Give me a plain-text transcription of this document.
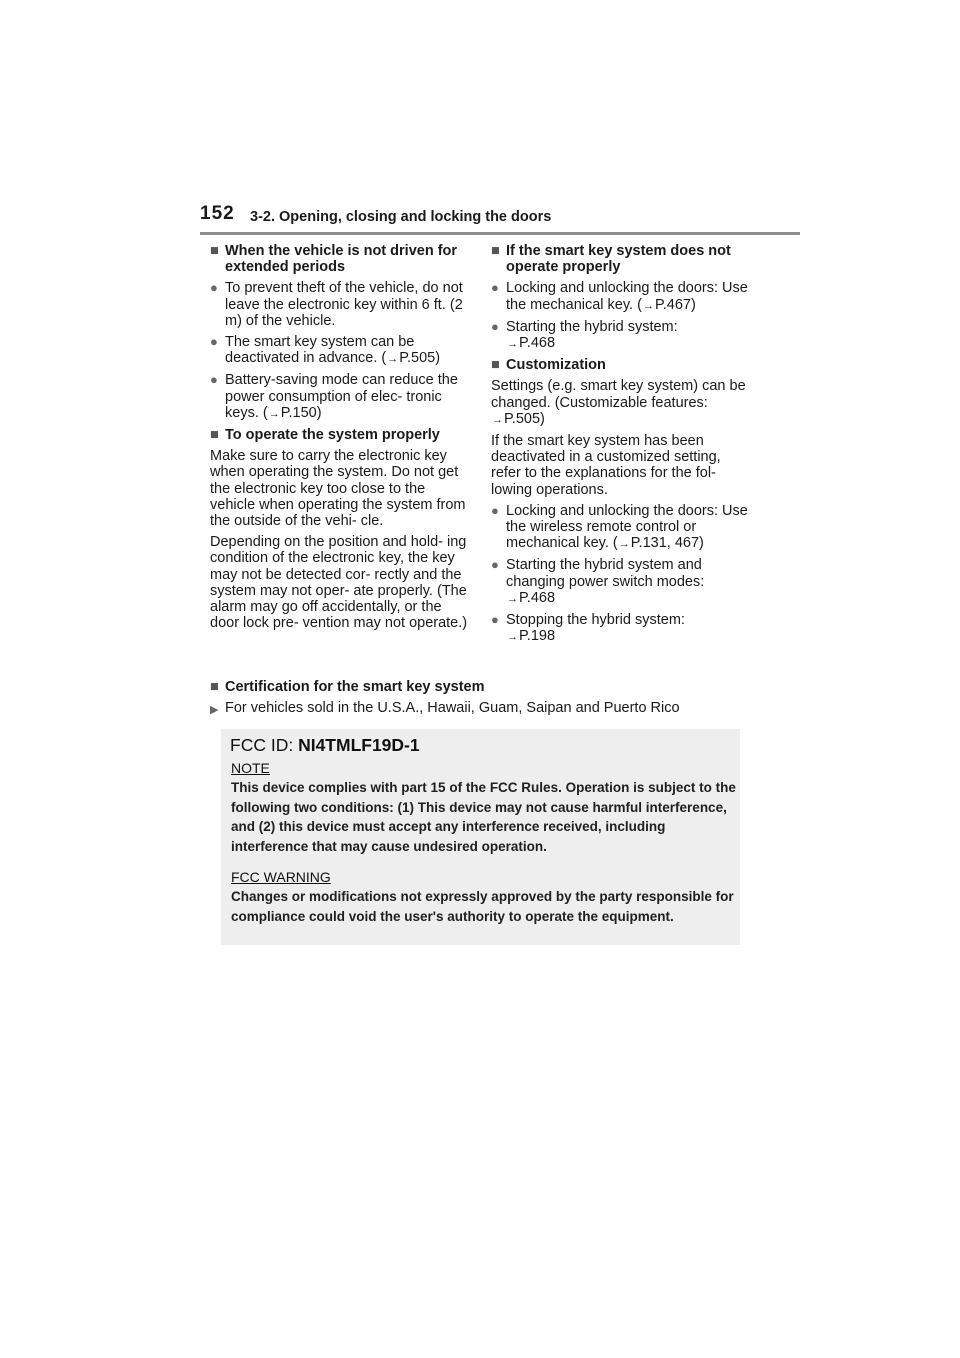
152 3-2. Opening, closing and locking the doors
■ When the vehicle is not driven for extended periods
● To prevent theft of the vehicle, do not leave the electronic key within 6 ft. (2 m) of the vehicle.
● The smart key system can be deactivated in advance. (→P.505)
● Battery-saving mode can reduce the power consumption of elec- tronic keys. (→P.150)
■ To operate the system properly
Make sure to carry the electronic key when operating the system. Do not get the electronic key too close to the vehicle when operating the system from the outside of the vehi- cle.
Depending on the position and hold- ing condition of the electronic key, the key may not be detected cor- rectly and the system may not oper- ate properly. (The alarm may go off accidentally, or the door lock pre- vention may not operate.)
■ If the smart key system does not operate properly
● Locking and unlocking the doors: Use the mechanical key. (→P.467)
● Starting the hybrid system:
→P.468
■ Customization
Settings (e.g. smart key system) can be changed. (Customizable features: →P.505)
If the smart key system has been deactivated in a customized setting, refer to the explanations for the fol- lowing operations.
● Locking and unlocking the doors: Use the wireless remote control or mechanical key. (→P.131, 467)
● Starting the hybrid system and changing power switch modes:
→P.468
● Stopping the hybrid system:
→P.198
■ Certification for the smart key system
▶ For vehicles sold in the U.S.A., Hawaii, Guam, Saipan and Puerto Rico
FCC ID: NI4TMLF19D-1
NOTE
This device complies with part 15 of the FCC Rules. Operation is subject to the following two conditions: (1) This device may not cause harmful interference, and (2) this device must accept any interference received, including interference that may cause undesired operation.
FCC WARNING
Changes or modifications not expressly approved by the party responsible for compliance could void the user's authority to operate the equipment.
